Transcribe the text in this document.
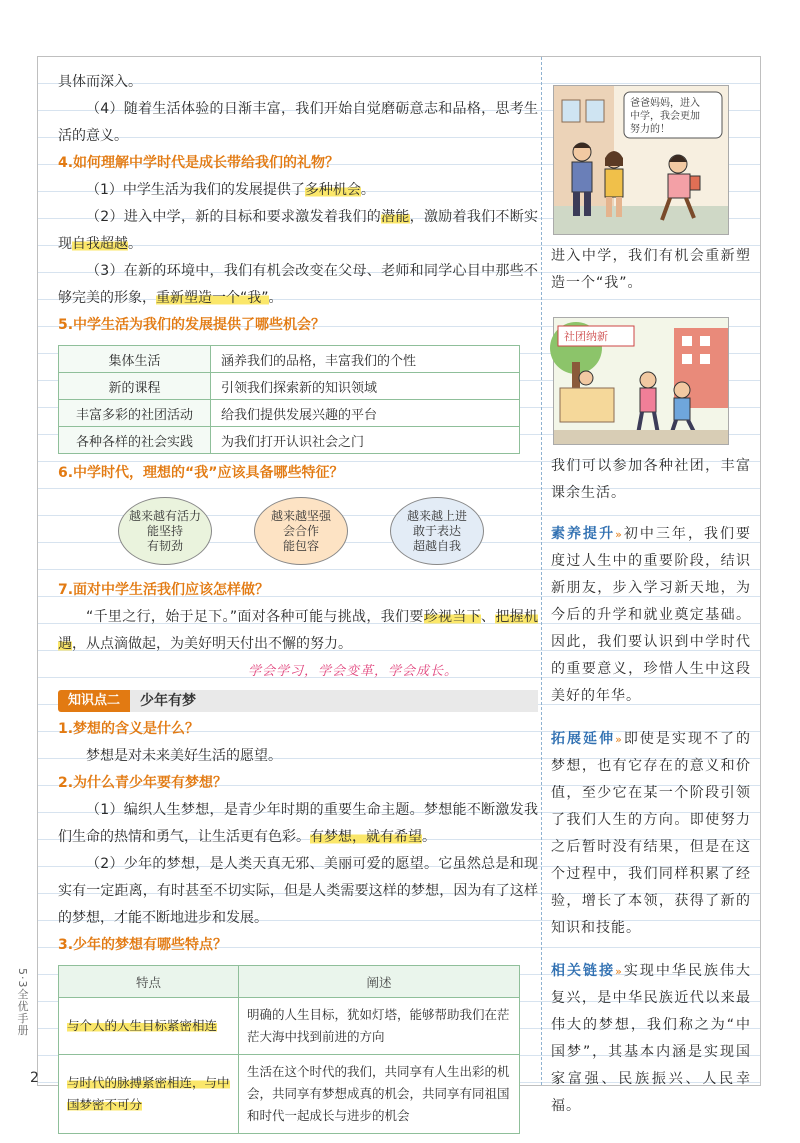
具体而深入。

（4）随着生活体验的日渐丰富，我们开始自觉磨砺意志和品格，思考生活的意义。

4.如何理解中学时代是成长带给我们的礼物？

（1）中学生活为我们的发展提供了多种机会。

（2）进入中学，新的目标和要求激发着我们的潜能，激励着我们不断实现自我超越。

（3）在新的环境中，我们有机会改变在父母、老师和同学心目中那些不够完美的形象，重新塑造一个“我”。

5.中学生活为我们的发展提供了哪些机会？
集体生活	涵养我们的品格，丰富我们的个性
新的课程	引领我们探索新的知识领域
丰富多彩的社团活动	给我们提供发展兴趣的平台
各种各样的社会实践	为我们打开认识社会之门
6.中学时代，理想的“我”应该具备哪些特征？
越来越有活力
能坚持
有韧劲
越来越坚强
会合作
能包容
越来越上进
敢于表达
超越自我
7.面对中学生活我们应该怎样做？

“千里之行，始于足下。”面对各种可能与挑战，我们要珍视当下、把握机遇，从点滴做起，为美好明天付出不懈的努力。

学会学习，学会变革，学会成长。
知识点二	少年有梦
1.梦想的含义是什么？

梦想是对未来美好生活的愿望。

2.为什么青少年要有梦想？

（1）编织人生梦想，是青少年时期的重要生命主题。梦想能不断激发我们生命的热情和勇气，让生活更有色彩。有梦想，就有希望。

（2）少年的梦想，是人类天真无邪、美丽可爱的愿望。它虽然总是和现实有一定距离，有时甚至不切实际，但是人类需要这样的梦想，因为有了这样的梦想，才能不断地进步和发展。

3.少年的梦想有哪些特点？
特点	阐述
与个人的人生目标紧密相连	明确的人生目标，犹如灯塔，能够帮助我们在茫茫大海中找到前进的方向
与时代的脉搏紧密相连，与中国梦密不可分	生活在这个时代的我们，共同享有人生出彩的机会，共同享有梦想成真的机会，共同享有同祖国和时代一起成长与进步的机会
爸爸妈妈，进入
中学，我会更加
努力的！

进入中学，我们有机会重新塑造一个“我”。

社团纳新

我们可以参加各种社团，丰富课余生活。

素养提升»初中三年，我们要度过人生中的重要阶段，结识新朋友，步入学习新天地，为今后的升学和就业奠定基础。因此，我们要认识到中学时代的重要意义，珍惜人生中这段美好的年华。

拓展延伸»即使是实现不了的梦想，也有它存在的意义和价值，至少它在某一个阶段引领了我们人生的方向。即使努力之后暂时没有结果，但是在这个过程中，我们同样积累了经验，增长了本领，获得了新的知识和技能。

相关链接»实现中华民族伟大复兴，是中华民族近代以来最伟大的梦想，我们称之为“中国梦”，其基本内涵是实现国家富强、民族振兴、人民幸福。

5·3全优手册
2
